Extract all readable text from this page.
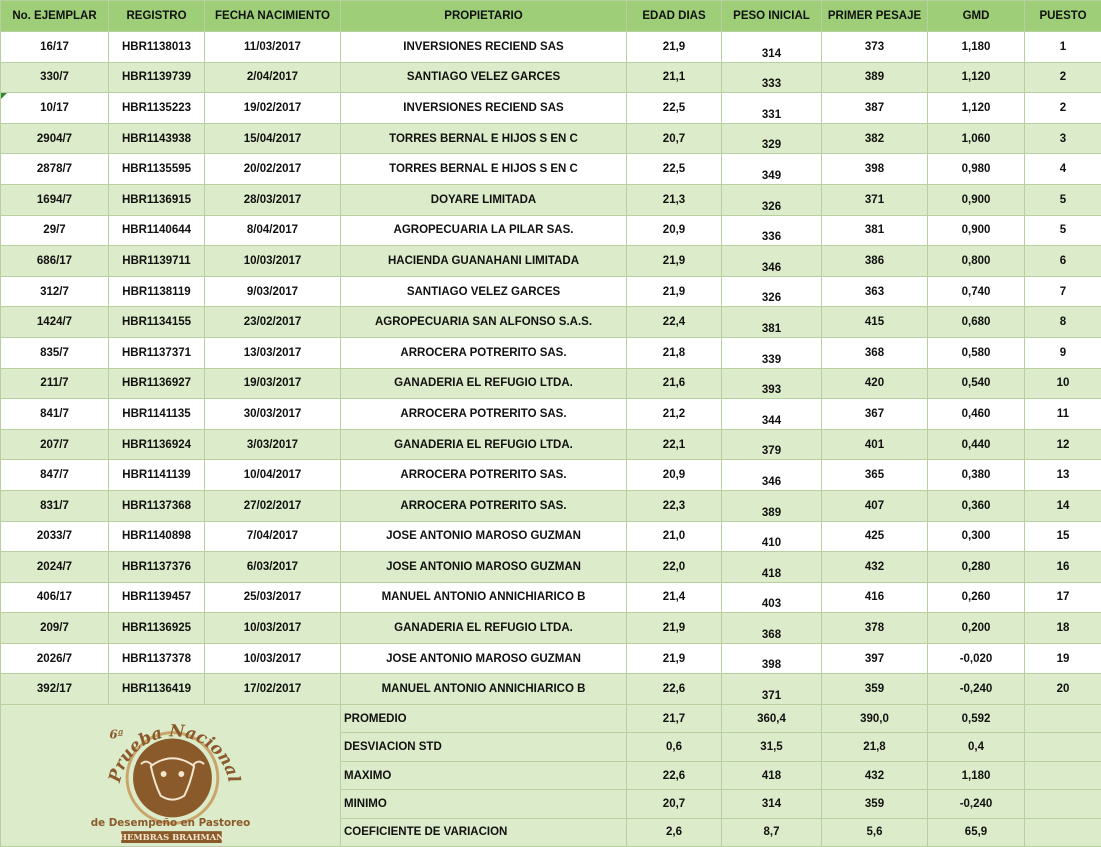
No. EJEMPLAR	REGISTRO	FECHA NACIMIENTO	PROPIETARIO	EDAD DIAS	PESO INICIAL	PRIMER PESAJE	GMD	PUESTO
16/17	HBR1138013	11/03/2017	INVERSIONES RECIEND SAS	21,9	314	373	1,180	1
330/7	HBR1139739	2/04/2017	SANTIAGO VELEZ GARCES	21,1	333	389	1,120	2
10/17	HBR1135223	19/02/2017	INVERSIONES RECIEND SAS	22,5	331	387	1,120	2
2904/7	HBR1143938	15/04/2017	TORRES BERNAL E HIJOS S EN C	20,7	329	382	1,060	3
2878/7	HBR1135595	20/02/2017	TORRES BERNAL E HIJOS S EN C	22,5	349	398	0,980	4
1694/7	HBR1136915	28/03/2017	DOYARE LIMITADA	21,3	326	371	0,900	5
29/7	HBR1140644	8/04/2017	AGROPECUARIA LA PILAR SAS.	20,9	336	381	0,900	5
686/17	HBR1139711	10/03/2017	HACIENDA GUANAHANI LIMITADA	21,9	346	386	0,800	6
312/7	HBR1138119	9/03/2017	SANTIAGO VELEZ GARCES	21,9	326	363	0,740	7
1424/7	HBR1134155	23/02/2017	AGROPECUARIA SAN ALFONSO S.A.S.	22,4	381	415	0,680	8
835/7	HBR1137371	13/03/2017	ARROCERA POTRERITO SAS.	21,8	339	368	0,580	9
211/7	HBR1136927	19/03/2017	GANADERIA EL REFUGIO LTDA.	21,6	393	420	0,540	10
841/7	HBR1141135	30/03/2017	ARROCERA POTRERITO SAS.	21,2	344	367	0,460	11
207/7	HBR1136924	3/03/2017	GANADERIA EL REFUGIO LTDA.	22,1	379	401	0,440	12
847/7	HBR1141139	10/04/2017	ARROCERA POTRERITO SAS.	20,9	346	365	0,380	13
831/7	HBR1137368	27/02/2017	ARROCERA POTRERITO SAS.	22,3	389	407	0,360	14
2033/7	HBR1140898	7/04/2017	JOSE ANTONIO MAROSO GUZMAN	21,0	410	425	0,300	15
2024/7	HBR1137376	6/03/2017	JOSE ANTONIO MAROSO GUZMAN	22,0	418	432	0,280	16
406/17	HBR1139457	25/03/2017	MANUEL ANTONIO ANNICHIARICO B	21,4	403	416	0,260	17
209/7	HBR1136925	10/03/2017	GANADERIA EL REFUGIO LTDA.	21,9	368	378	0,200	18
2026/7	HBR1137378	10/03/2017	JOSE ANTONIO MAROSO GUZMAN	21,9	398	397	-0,020	19
392/17	HBR1136419	17/02/2017	MANUEL ANTONIO ANNICHIARICO B	22,6	371	359	-0,240	20

6ª
Prueba Nacional
de Desempeño en Pastoreo
HEMBRAS BRAHMAN			PROMEDIO	21,7	360,4	390,0	0,592	
			DESVIACION STD	0,6	31,5	21,8	0,4	
			MAXIMO	22,6	418	432	1,180	
			MINIMO	20,7	314	359	-0,240	
			COEFICIENTE DE VARIACION	2,6	8,7	5,6	65,9	
